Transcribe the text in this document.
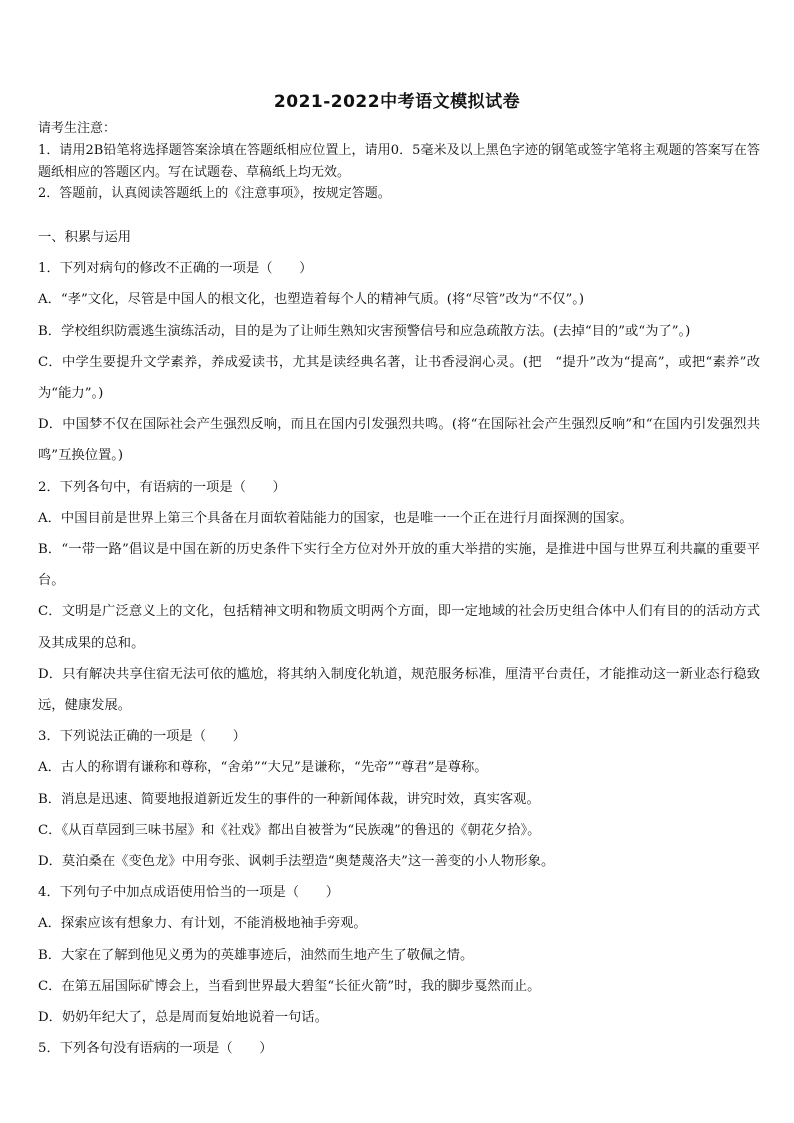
2021-2022中考语文模拟试卷
请考生注意：

1．请用2B铅笔将选择题答案涂填在答题纸相应位置上，请用0．5毫米及以上黑色字迹的钢笔或签字笔将主观题的答案写在答题纸相应的答题区内。写在试题卷、草稿纸上均无效。

2．答题前，认真阅读答题纸上的《注意事项》，按规定答题。

一、积累与运用

1．下列对病句的修改不正确的一项是（　　）

A．“孝”文化，尽管是中国人的根文化，也塑造着每个人的精神气质。(将“尽管”改为“不仅”。)

B．学校组织防震逃生演练活动，目的是为了让师生熟知灾害预警信号和应急疏散方法。(去掉“目的”或“为了”。)

C．中学生要提升文学素养，养成爱读书，尤其是读经典名著，让书香浸润心灵。(把　“提升”改为“提高”，或把“素养”改为“能力”。)

D．中国梦不仅在国际社会产生强烈反响，而且在国内引发强烈共鸣。(将“在国际社会产生强烈反响”和“在国内引发强烈共鸣”互换位置。)

2．下列各句中，有语病的一项是（　　）

A．中国目前是世界上第三个具备在月面软着陆能力的国家，也是唯一一个正在进行月面探测的国家。

B．“一带一路”倡议是中国在新的历史条件下实行全方位对外开放的重大举措的实施，是推进中国与世界互利共赢的重要平台。

C．文明是广泛意义上的文化，包括精神文明和物质文明两个方面，即一定地域的社会历史组合体中人们有目的的活动方式及其成果的总和。

D．只有解决共享住宿无法可依的尴尬，将其纳入制度化轨道，规范服务标准，厘清平台责任，才能推动这一新业态行稳致远，健康发展。

3．下列说法正确的一项是（　　）

A．古人的称谓有谦称和尊称，“舍弟”“大兄”是谦称，“先帝”“尊君”是尊称。

B．消息是迅速、简要地报道新近发生的事件的一种新闻体裁，讲究时效，真实客观。

C．《从百草园到三味书屋》和《社戏》都出自被誉为“民族魂”的鲁迅的《朝花夕拾》。

D．莫泊桑在《变色龙》中用夸张、讽刺手法塑造“奥楚蔑洛夫”这一善变的小人物形象。

4．下列句子中加点成语使用恰当的一项是（　　）

A．探索应该有想象力、有计划，不能消极地袖手旁观。

B．大家在了解到他见义勇为的英雄事迹后，油然而生地产生了敬佩之情。

C．在第五届国际矿博会上，当看到世界最大碧玺“长征火箭”时，我的脚步戛然而止。

D．奶奶年纪大了，总是周而复始地说着一句话。

5．下列各句没有语病的一项是（　　）
